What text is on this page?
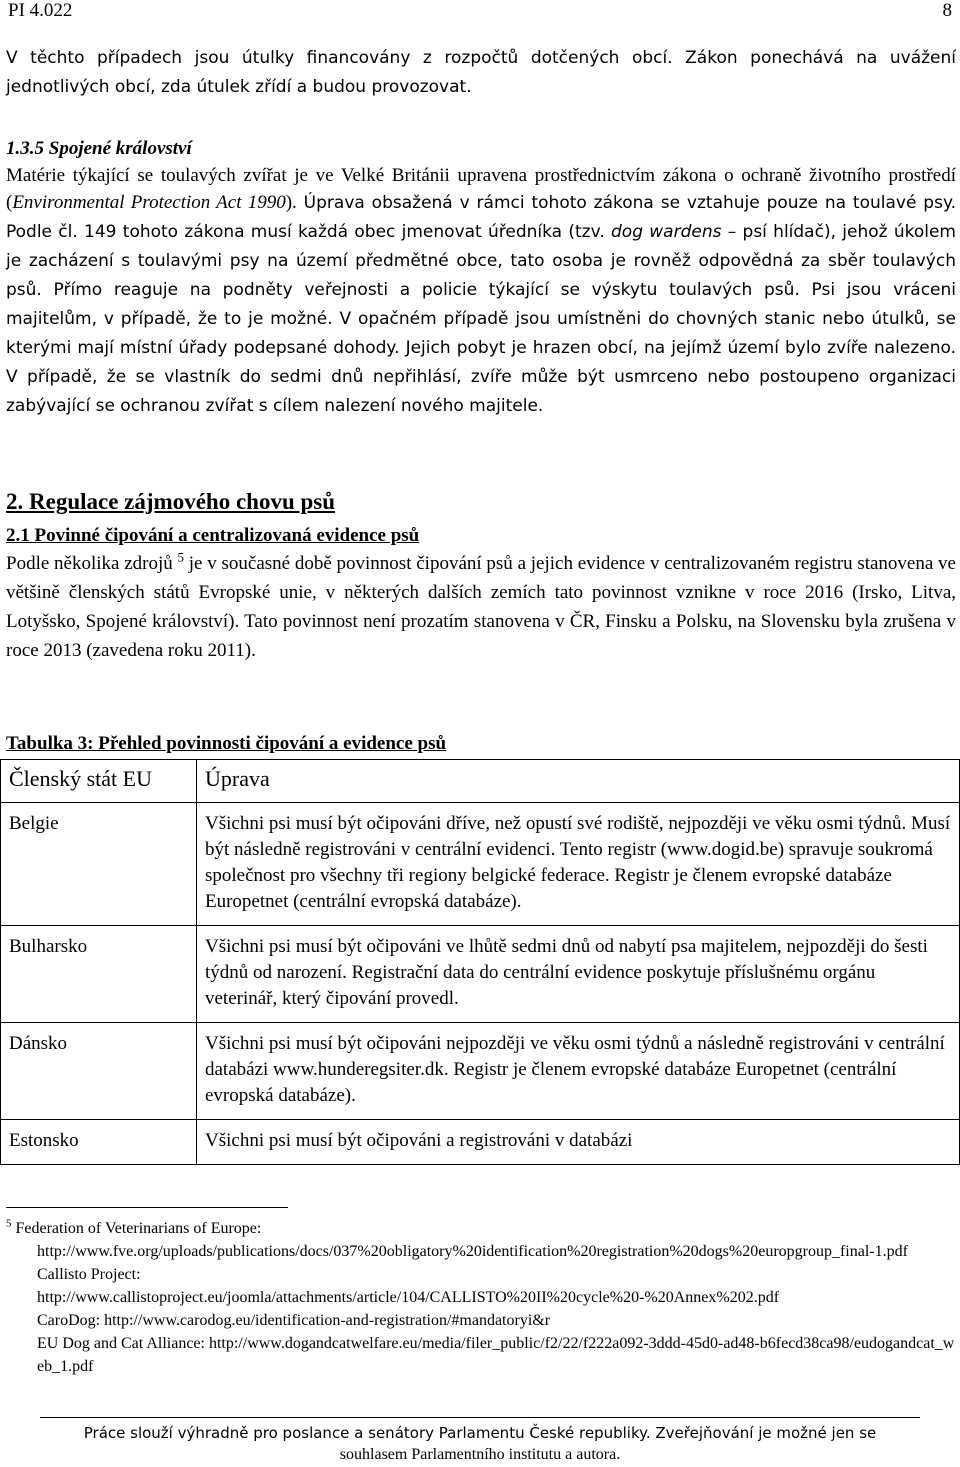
PI 4.022	8
V těchto případech jsou útulky financovány z rozpočtů dotčených obcí. Zákon ponechává na uvážení jednotlivých obcí, zda útulek zřídí a budou provozovat.
1.3.5 Spojené království
Matérie týkající se toulavých zvířat je ve Velké Británii upravena prostřednictvím zákona o ochraně životního prostředí (Environmental Protection Act 1990). Úprava obsažená v rámci tohoto zákona se vztahuje pouze na toulavé psy. Podle čl. 149 tohoto zákona musí každá obec jmenovat úředníka (tzv. dog wardens – psí hlídač), jehož úkolem je zacházení s toulavými psy na území předmětné obce, tato osoba je rovněž odpovědná za sběr toulavých psů. Přímo reaguje na podněty veřejnosti a policie týkající se výskytu toulavých psů. Psi jsou vráceni majitelům, v případě, že to je možné. V opačném případě jsou umístněni do chovných stanic nebo útulků, se kterými mají místní úřady podepsané dohody. Jejich pobyt je hrazen obcí, na jejímž území bylo zvíře nalezeno. V případě, že se vlastník do sedmi dnů nepřihlásí, zvíře může být usmrceno nebo postoupeno organizaci zabývající se ochranou zvířat s cílem nalezení nového majitele.
2. Regulace zájmového chovu psů
2.1 Povinné čipování a centralizovaná evidence psů
Podle několika zdrojů $^5$ je v současné době povinnost čipování psů a jejich evidence v centralizovaném registru stanovena ve většině členských států Evropské unie, v některých dalších zemích tato povinnost vznikne v roce 2016 (Irsko, Litva, Lotyšsko, Spojené království). Tato povinnost není prozatím stanovena v ČR, Finsku a Polsku, na Slovensku byla zrušena v roce 2013 (zavedena roku 2011).
Tabulka 3: Přehled povinnosti čipování a evidence psů
Členský stát EU	Úprava
Belgie	Všichni psi musí být očipováni dříve, než opustí své rodiště, nejpozději ve věku osmi týdnů. Musí být následně registrováni v centrální evidenci. Tento registr (www.dogid.be) spravuje soukromá společnost pro všechny tři regiony belgické federace. Registr je členem evropské databáze Europetnet (centrální evropská databáze).
Bulharsko	Všichni psi musí být očipováni ve lhůtě sedmi dnů od nabytí psa majitelem, nejpozději do šesti týdnů od narození. Registrační data do centrální evidence poskytuje příslušnému orgánu veterinář, který čipování provedl.
Dánsko	Všichni psi musí být očipováni nejpozději ve věku osmi týdnů a následně registrováni v centrální databázi www.hunderegsiter.dk. Registr je členem evropské databáze Europetnet (centrální evropská databáze).
Estonsko	Všichni psi musí být očipováni a registrováni v databázi
$^5$ Federation of Veterinarians of Europe:
http://www.fve.org/uploads/publications/docs/037%20obligatory%20identification%20registration%20dogs%20europgroup_final-1.pdf
Callisto Project:
http://www.callistoproject.eu/joomla/attachments/article/104/CALLISTO%20II%20cycle%20-%20Annex%202.pdf
CaroDog: http://www.carodog.eu/identification-and-registration/#mandatoryi&r
EU Dog and Cat Alliance: http://www.dogandcatwelfare.eu/media/filer_public/f2/22/f222a092-3ddd-45d0-ad48-b6fecd38ca98/eudogandcat_web_1.pdf
Práce slouží výhradně pro poslance a senátory Parlamentu České republiky. Zveřejňování je možné jen se
souhlasem Parlamentního institutu a autora.
